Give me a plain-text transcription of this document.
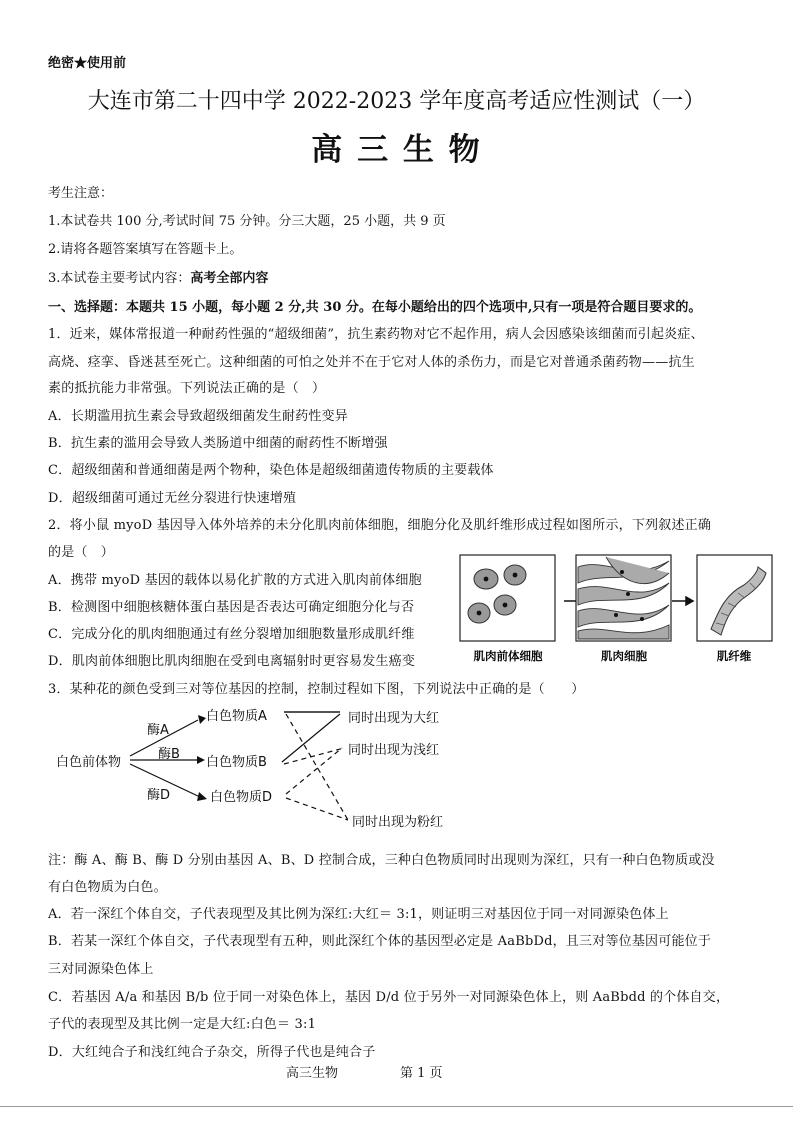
绝密★使用前
大连市第二十四中学 2022-2023 学年度高考适应性测试（一）
高 三 生 物
考生注意：
1.本试卷共 100 分,考试时间 75 分钟。分三大题，25 小题，共 9 页
2.请将各题答案填写在答题卡上。
3.本试卷主要考试内容：高考全部内容
一、选择题：本题共 15 小题，每小题 2 分,共 30 分。在每小题给出的四个选项中,只有一项是符合题目要求的。
1．近来，媒体常报道一种耐药性强的“超级细菌”，抗生素药物对它不起作用，病人会因感染该细菌而引起炎症、
高烧、痉挛、昏迷甚至死亡。这种细菌的可怕之处并不在于它对人体的杀伤力，而是它对普通杀菌药物——抗生
素的抵抗能力非常强。下列说法正确的是（　）
A．长期滥用抗生素会导致超级细菌发生耐药性变异
B．抗生素的滥用会导致人类肠道中细菌的耐药性不断增强
C．超级细菌和普通细菌是两个物种，染色体是超级细菌遗传物质的主要载体
D．超级细菌可通过无丝分裂进行快速增殖
2．将小鼠 myoD 基因导入体外培养的未分化肌肉前体细胞，细胞分化及肌纤维形成过程如图所示，下列叙述正确
的是（　）
A．携带 myoD 基因的载体以易化扩散的方式进入肌肉前体细胞
B．检测图中细胞核糖体蛋白基因是否表达可确定细胞分化与否
C．完成分化的肌肉细胞通过有丝分裂增加细胞数量形成肌纤维
D．肌肉前体细胞比肌肉细胞在受到电离辐射时更容易发生癌变	肌肉前体细胞	肌肉细胞	肌纤维
3．某种花的颜色受到三对等位基因的控制，控制过程如下图，下列说法中正确的是（　　）
白色前体物
酶A
酶B
酶D
白色物质A
白色物质B
白色物质D
同时出现为大红
同时出现为浅红
同时出现为粉红
注：酶 A、酶 B、酶 D 分别由基因 A、B、D 控制合成，三种白色物质同时出现则为深红，只有一种白色物质或没
有白色物质为白色。
A．若一深红个体自交，子代表现型及其比例为深红:大红＝ 3:1，则证明三对基因位于同一对同源染色体上
B．若某一深红个体自交，子代表现型有五种，则此深红个体的基因型必定是 AaBbDd，且三对等位基因可能位于
三对同源染色体上
C．若基因 A/a 和基因 B/b 位于同一对染色体上，基因 D/d 位于另外一对同源染色体上，则 AaBbdd 的个体自交，
子代的表现型及其比例一定是大红:白色＝ 3:1
D．大红纯合子和浅红纯合子杂交，所得子代也是纯合子
高三生物	第 1 页
